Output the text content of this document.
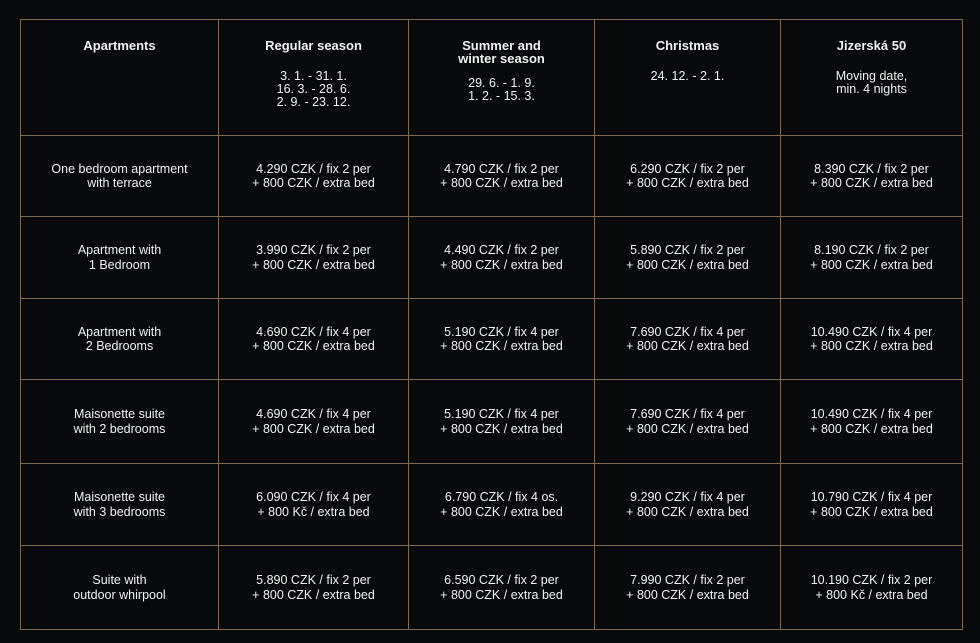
Apartments	Regular season
3. 1. - 31. 1.
16. 3. - 28. 6.
2. 9. - 23. 12.	Summer and
winter season
29. 6. - 1. 9.
1. 2. - 15. 3.	Christmas
24. 12. - 2. 1.	Jizerská 50
Moving date,
min. 4 nights

One bedroom apartment
with terrace	4.290 CZK / fix 2 per
+ 800 CZK / extra bed	4.790 CZK / fix 2 per
+ 800 CZK / extra bed	6.290 CZK / fix 2 per
+ 800 CZK / extra bed	8.390 CZK / fix 2 per
+ 800 CZK / extra bed

Apartment with
1 Bedroom	3.990 CZK / fix 2 per
+ 800 CZK / extra bed	4.490 CZK / fix 2 per
+ 800 CZK / extra bed	5.890 CZK / fix 2 per
+ 800 CZK / extra bed	8.190 CZK / fix 2 per
+ 800 CZK / extra bed

Apartment with
2 Bedrooms	4.690 CZK / fix 4 per
+ 800 CZK / extra bed	5.190 CZK / fix 4 per
+ 800 CZK / extra bed	7.690 CZK / fix 4 per
+ 800 CZK / extra bed	10.490 CZK / fix 4 per
+ 800 CZK / extra bed

Maisonette suite
with 2 bedrooms	4.690 CZK / fix 4 per
+ 800 CZK / extra bed	5.190 CZK / fix 4 per
+ 800 CZK / extra bed	7.690 CZK / fix 4 per
+ 800 CZK / extra bed	10.490 CZK / fix 4 per
+ 800 CZK / extra bed

Maisonette suite
with 3 bedrooms	6.090 CZK / fix 4 per
+ 800 Kč / extra bed	6.790 CZK / fix 4 os.
+ 800 CZK / extra bed	9.290 CZK / fix 4 per
+ 800 CZK / extra bed	10.790 CZK / fix 4 per
+ 800 CZK / extra bed

Suite with
outdoor whirpool	5.890 CZK / fix 2 per
+ 800 CZK / extra bed	6.590 CZK / fix 2 per
+ 800 CZK / extra bed	7.990 CZK / fix 2 per
+ 800 CZK / extra bed	10.190 CZK / fix 2 per
+ 800 Kč / extra bed
